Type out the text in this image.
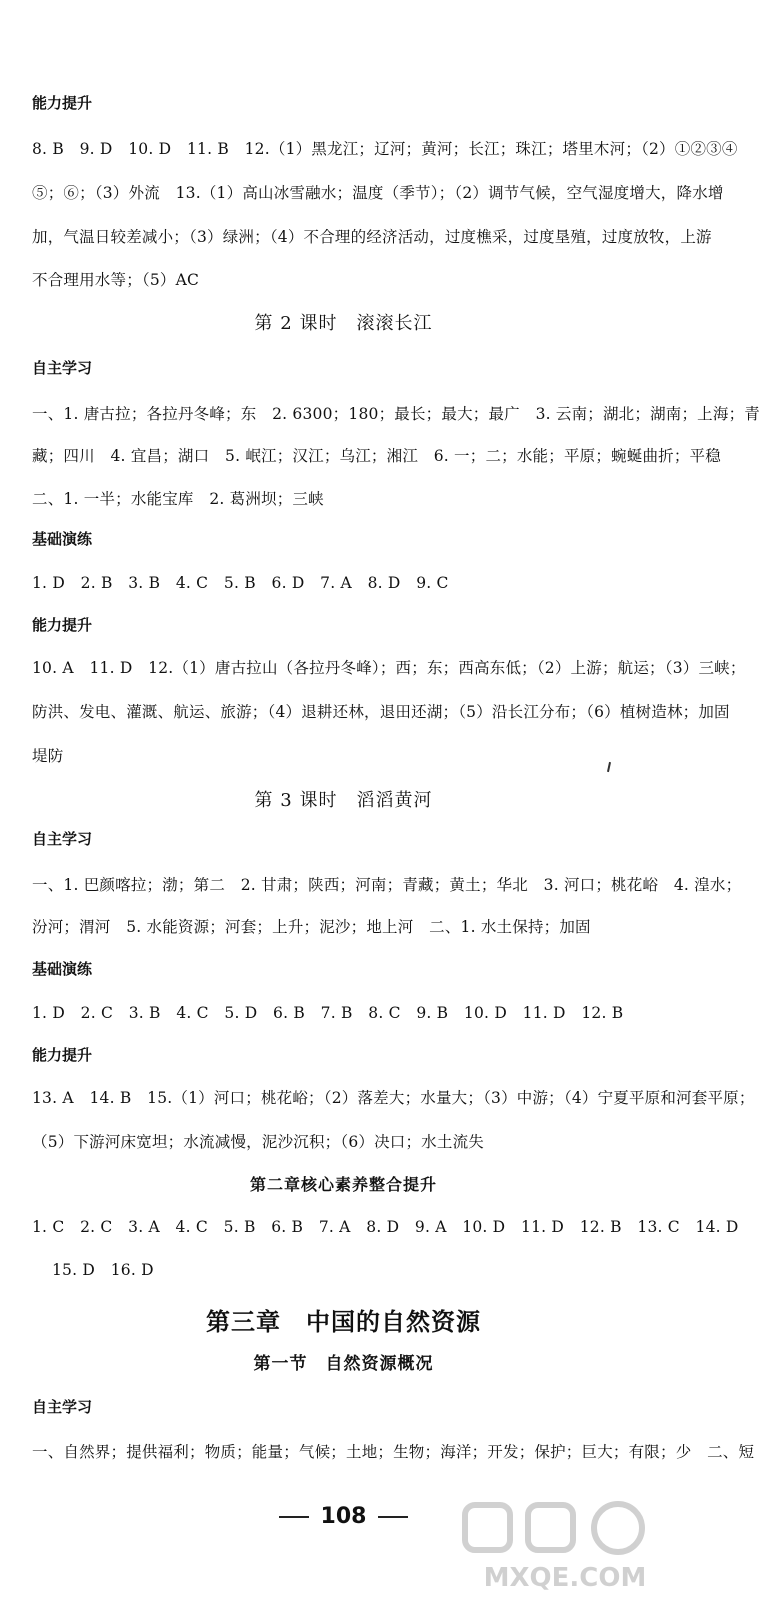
能力提升
8. B　9. D　10. D　11. B　12.（1）黑龙江；辽河；黄河；长江；珠江；塔里木河；（2）①②③④
⑤；⑥；（3）外流　13.（1）高山冰雪融水；温度（季节）；（2）调节气候，空气湿度增大，降水增
加，气温日较差减小；（3）绿洲；（4）不合理的经济活动，过度樵采，过度垦殖，过度放牧，上游
不合理用水等；（5）AC
第 2 课时　滚滚长江
自主学习
一、1. 唐古拉；各拉丹冬峰；东　2. 6300；180；最长；最大；最广　3. 云南；湖北；湖南；上海；青
藏；四川　4. 宜昌；湖口　5. 岷江；汉江；乌江；湘江　6. 一；二；水能；平原；蜿蜒曲折；平稳
二、1. 一半；水能宝库　2. 葛洲坝；三峡
基础演练
1. D　2. B　3. B　4. C　5. B　6. D　7. A　8. D　9. C
能力提升
10. A　11. D　12.（1）唐古拉山（各拉丹冬峰）；西；东；西高东低；（2）上游；航运；（3）三峡；
防洪、发电、灌溉、航运、旅游；（4）退耕还林，退田还湖；（5）沿长江分布；（6）植树造林；加固
堤防
第 3 课时　滔滔黄河
自主学习
一、1. 巴颜喀拉；渤；第二　2. 甘肃；陕西；河南；青藏；黄土；华北　3. 河口；桃花峪　4. 湟水；
汾河；渭河　5. 水能资源；河套；上升；泥沙；地上河　二、1. 水土保持；加固
基础演练
1. D　2. C　3. B　4. C　5. D　6. B　7. B　8. C　9. B　10. D　11. D　12. B
能力提升
13. A　14. B　15.（1）河口；桃花峪；（2）落差大；水量大；（3）中游；（4）宁夏平原和河套平原；
（5）下游河床宽坦；水流减慢，泥沙沉积；（6）决口；水土流失
第二章核心素养整合提升
1. C　2. C　3. A　4. C　5. B　6. B　7. A　8. D　9. A　10. D　11. D　12. B　13. C　14. D
15. D　16. D
第三章　中国的自然资源
第一节　自然资源概况
自主学习
一、自然界；提供福利；物质；能量；气候；土地；生物；海洋；开发；保护；巨大；有限；少　二、短
108
MXQE.COM
